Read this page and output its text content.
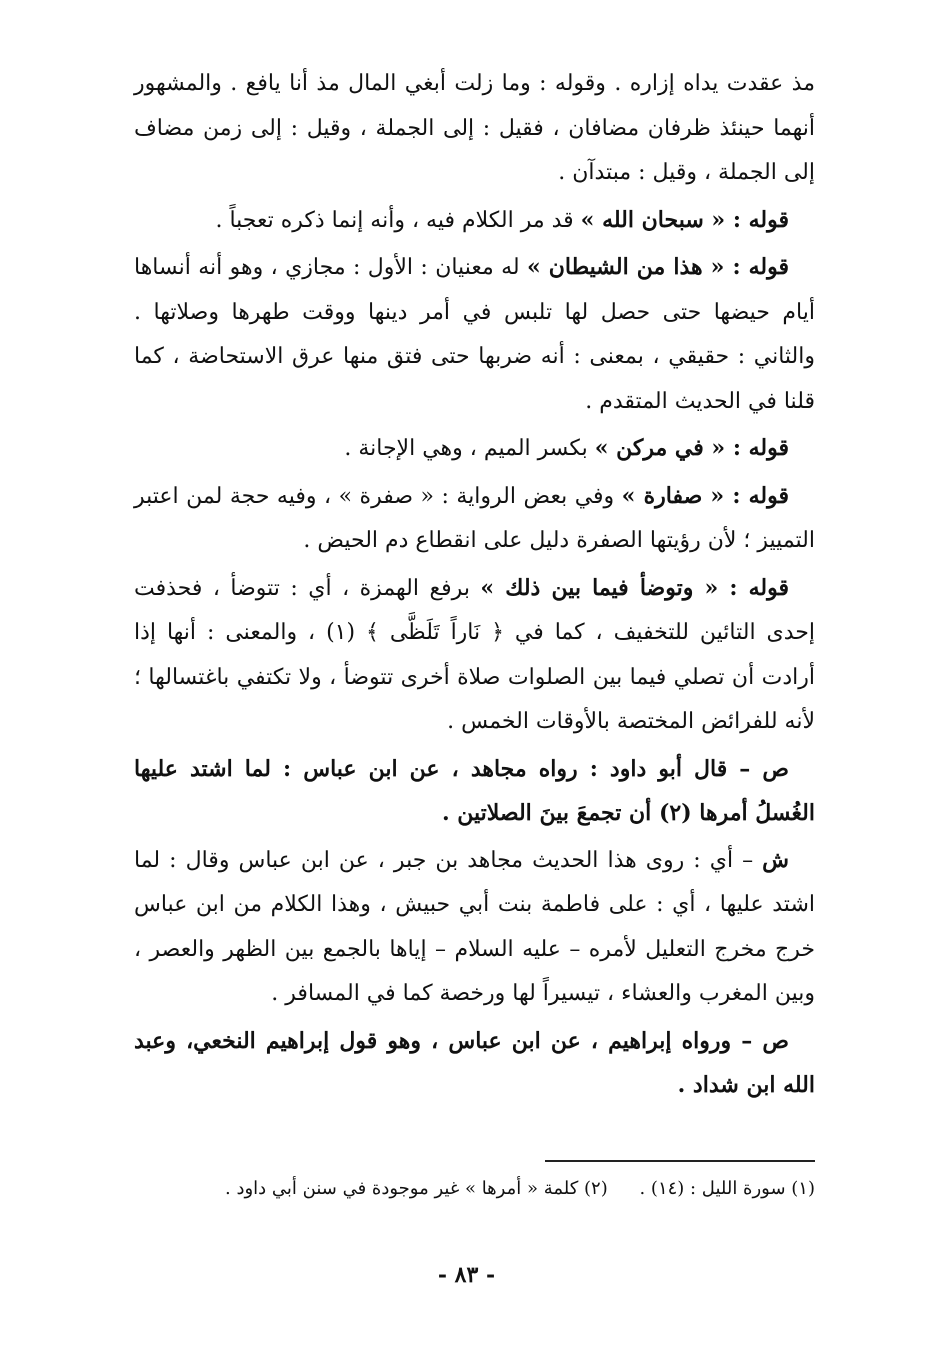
مذ عقدت يداه إزاره . وقوله : وما زلت أبغي المال مذ أنا يافع . والمشهور أنهما حينئذ ظرفان مضافان ، فقيل : إلى الجملة ، وقيل : إلى زمن مضاف إلى الجملة ، وقيل : مبتدآن .

قوله : « سبحان الله » قد مر الكلام فيه ، وأنه إنما ذكره تعجباً .

قوله : « هذا من الشيطان » له معنيان : الأول : مجازي ، وهو أنه أنساها أيام حيضها حتى حصل لها تلبس في أمر دينها ووقت طهرها وصلاتها . والثاني : حقيقي ، بمعنى : أنه ضربها حتى فتق منها عرق الاستحاضة ، كما قلنا في الحديث المتقدم .

قوله : « في مركن » بكسر الميم ، وهي الإجانة .

قوله : « صفارة » وفي بعض الرواية : « صفرة » ، وفيه حجة لمن اعتبر التمييز ؛ لأن رؤيتها الصفرة دليل على انقطاع دم الحيض .

قوله : « وتوضأ فيما بين ذلك » برفع الهمزة ، أي : تتوضأ ، فحذفت إحدى التائين للتخفيف ، كما في ﴿ نَاراً تَلَظَّى ﴾ (١) ، والمعنى : أنها إذا أرادت أن تصلي فيما بين الصلوات صلاة أخرى تتوضأ ، ولا تكتفي باغتسالها ؛ لأنه للفرائض المختصة بالأوقات الخمس .

ص – قال أبو داود : رواه مجاهد ، عن ابن عباس : لما اشتد عليها الغُسلُ أمرها (٢) أن تجمعَ بينَ الصلاتين .

ش – أي : روى هذا الحديث مجاهد بن جبر ، عن ابن عباس وقال : لما اشتد عليها ، أي : على فاطمة بنت أبي حبيش ، وهذا الكلام من ابن عباس خرج مخرج التعليل لأمره – عليه السلام – إياها بالجمع بين الظهر والعصر ، وبين المغرب والعشاء ، تيسيراً لها ورخصة كما في المسافر .

ص – ورواه إبراهيم ، عن ابن عباس ، وهو قول إبراهيم النخعي، وعبد الله ابن شداد .

(١) سورة الليل : (١٤) . (٢) كلمة « أمرها » غير موجودة في سنن أبي داود .
- ٨٣ -
